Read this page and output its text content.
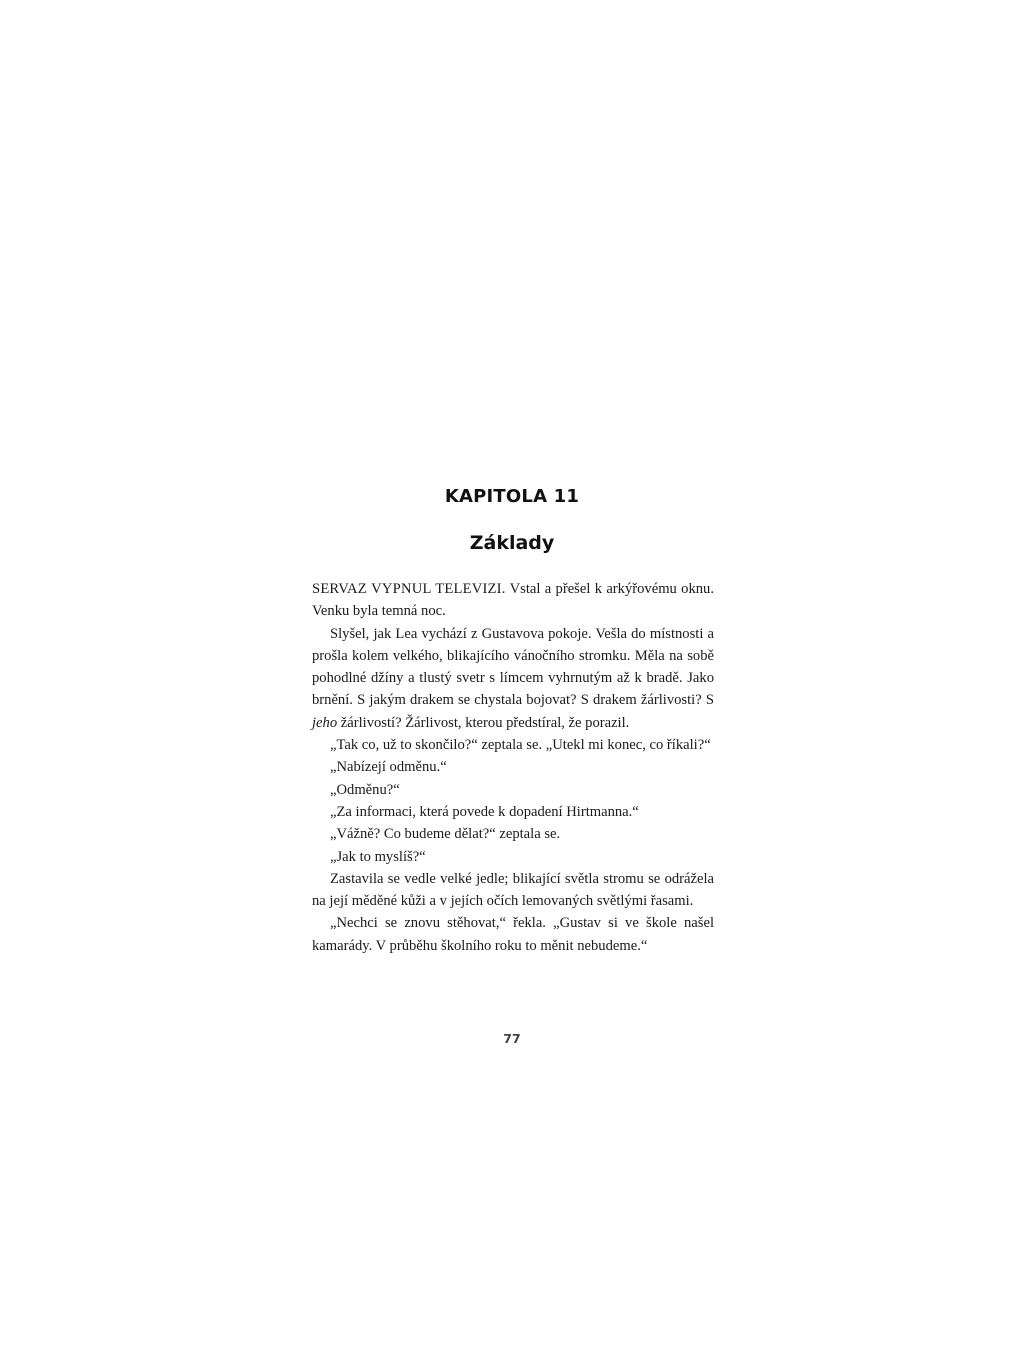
KAPITOLA 11
Základy

SERVAZ VYPNUL TELEVIZI. Vstal a přešel k arkýřovému oknu. Venku byla temná noc.

Slyšel, jak Lea vychází z Gustavova pokoje. Vešla do místnosti a prošla kolem velkého, blikajícího vánočního stromku. Měla na sobě pohodlné džíny a tlustý svetr s límcem vyhrnutým až k bradě. Jako brnění. S jakým drakem se chystala bojovat? S drakem žárlivosti? S jeho žárlivostí? Žárlivost, kterou předstíral, že porazil.

„Tak co, už to skončilo?“ zeptala se. „Utekl mi konec, co říkali?“

„Nabízejí odměnu.“

„Odměnu?“

„Za informaci, která povede k dopadení Hirtmanna.“

„Vážně? Co budeme dělat?“ zeptala se.

„Jak to myslíš?“

Zastavila se vedle velké jedle; blikající světla stromu se odrážela na její měděné kůži a v jejích očích lemovaných světlými řasami.

„Nechci se znovu stěhovat,“ řekla. „Gustav si ve škole našel kamarády. V průběhu školního roku to měnit nebudeme.“

77
